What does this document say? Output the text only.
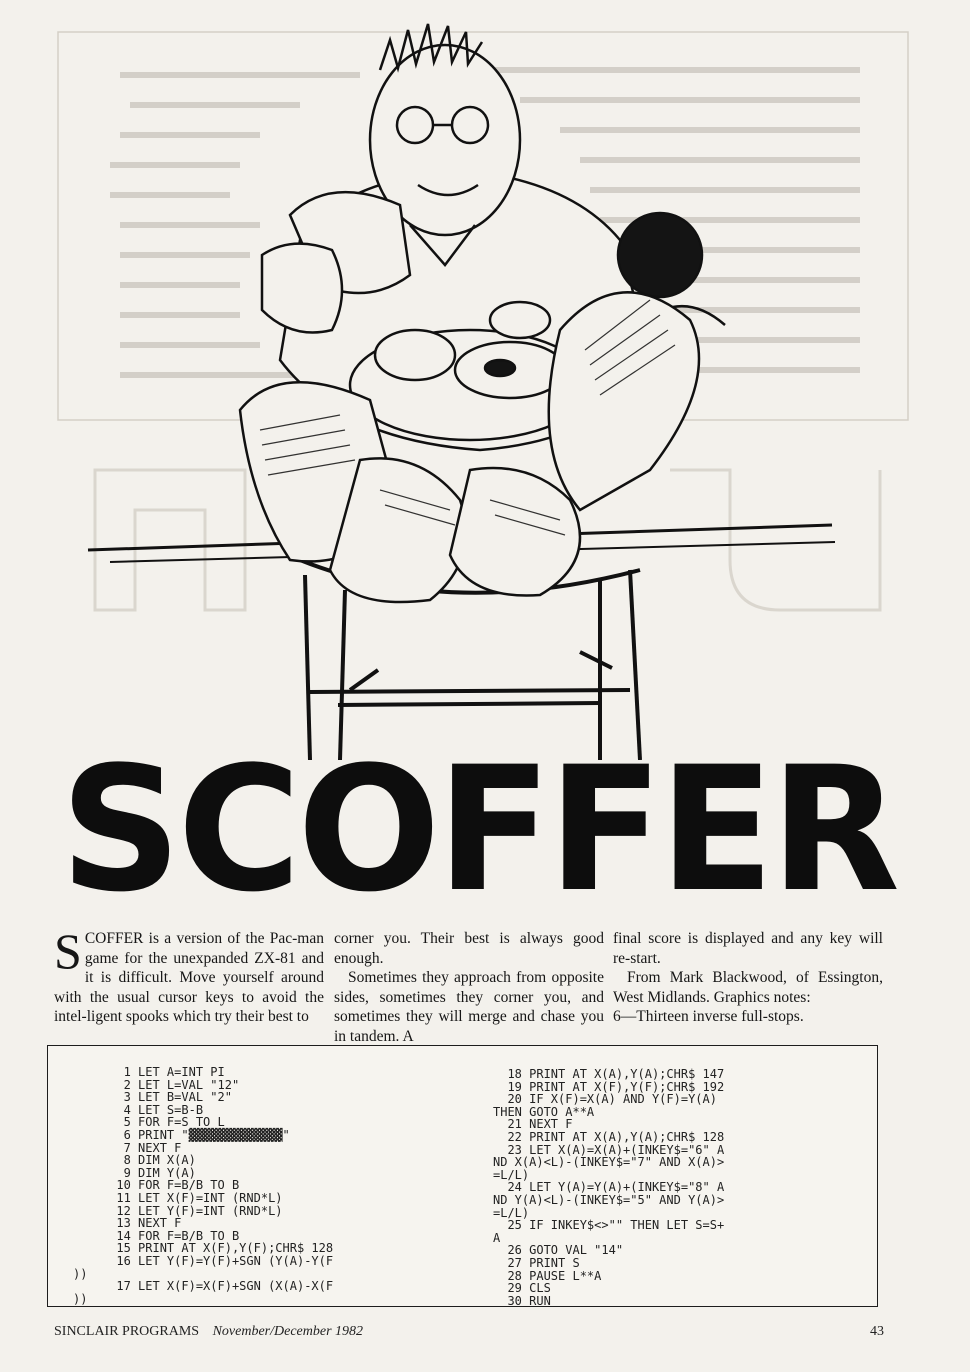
SCOFFER

SCOFFER is a version of the Pac-man game for the unexpanded ZX-81 and it is difficult. Move yourself around with the usual cursor keys to avoid the intel-ligent spooks which try their best to

corner you. Their best is always good enough.

Sometimes they approach from opposite sides, sometimes they corner you, and sometimes they will merge and chase you in tandem. A

final score is displayed and any key will re-start.

From Mark Blackwood, of Essington, West Midlands. Graphics notes:

6—Thirteen inverse full-stops.

1 LET A=INT PI
2 LET L=VAL "12"
3 LET B=VAL "2"
4 LET S=B-B
5 FOR F=S TO L
6 PRINT "▓▓▓▓▓▓▓▓▓▓▓▓▓"
7 NEXT F
8 DIM X(A)
9 DIM Y(A)
10 FOR F=B/B TO B
11 LET X(F)=INT (RND*L)
12 LET Y(F)=INT (RND*L)
13 NEXT F
14 FOR F=B/B TO B
15 PRINT AT X(F),Y(F);CHR$ 128
16 LET Y(F)=Y(F)+SGN (Y(A)-Y(F
))
17 LET X(F)=X(F)+SGN (X(A)-X(F
))
18 PRINT AT X(A),Y(A);CHR$ 147
19 PRINT AT X(F),Y(F);CHR$ 192
20 IF X(F)=X(A) AND Y(F)=Y(A)
THEN GOTO A**A
21 NEXT F
22 PRINT AT X(A),Y(A);CHR$ 128
23 LET X(A)=X(A)+(INKEY$="6" A
ND X(A)<L)-(INKEY$="7" AND X(A)>
=L/L)
24 LET Y(A)=Y(A)+(INKEY$="8" A
ND Y(A)<L)-(INKEY$="5" AND Y(A)>
=L/L)
25 IF INKEY$<>"" THEN LET S=S+
A
26 GOTO VAL "14"
27 PRINT S
28 PAUSE L**A
29 CLS
30 RUN
SINCLAIR PROGRAMS November/December 1982	43
